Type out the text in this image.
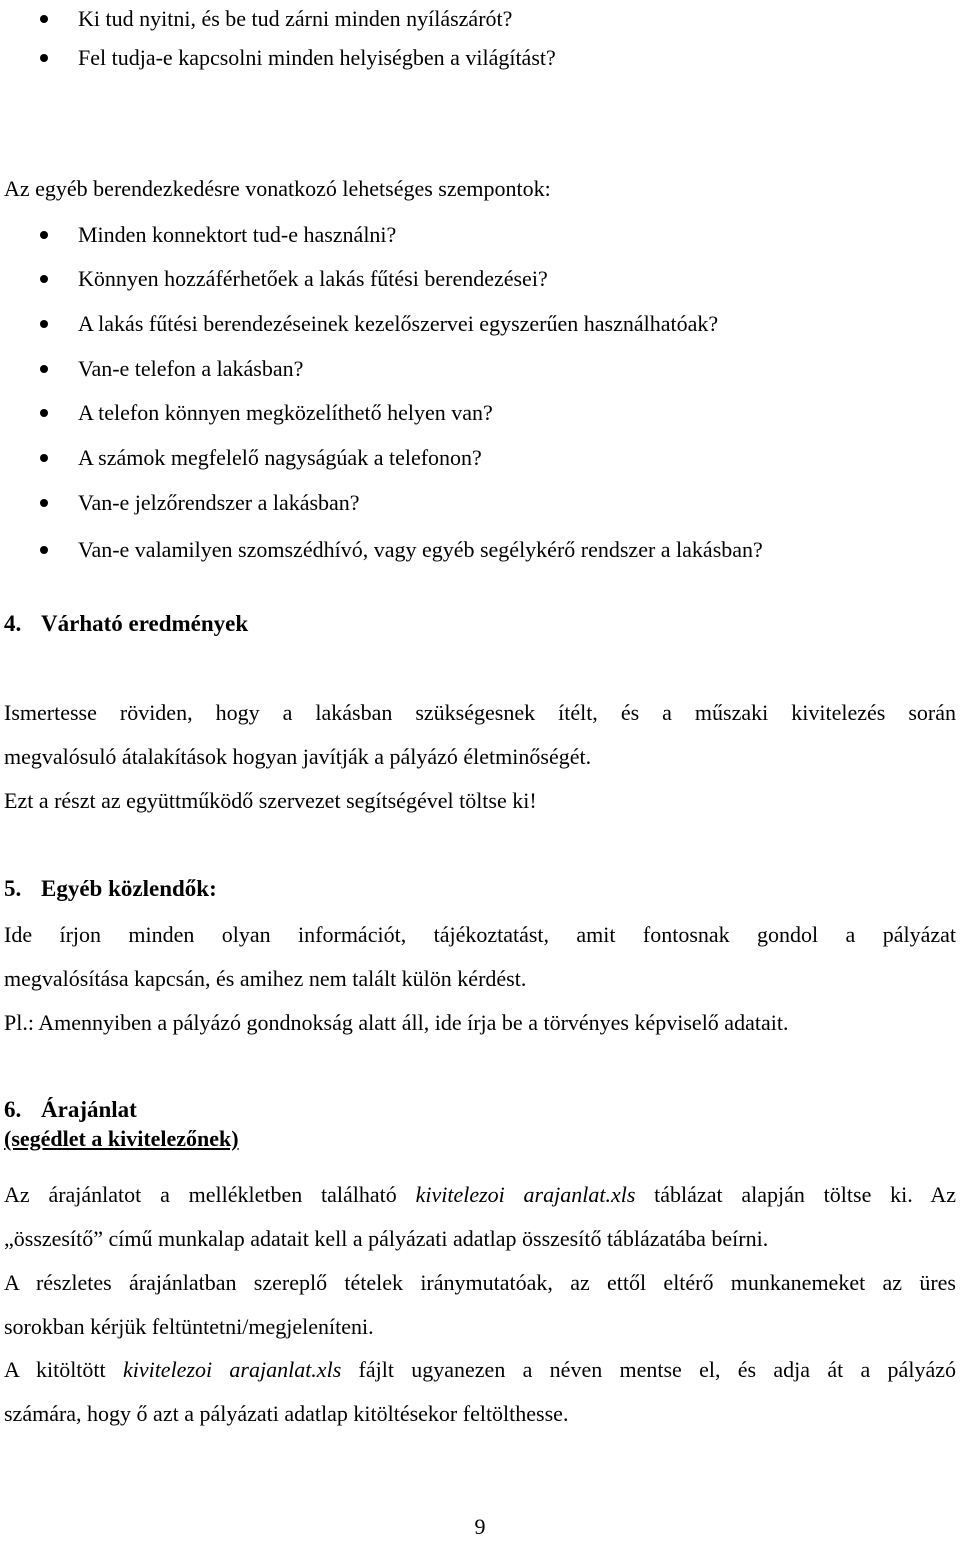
Ki tud nyitni, és be tud zárni minden nyílászárót?
Fel tudja-e kapcsolni minden helyiségben a világítást?
Az egyéb berendezkedésre vonatkozó lehetséges szempontok:
Minden konnektort tud-e használni?
Könnyen hozzáférhetőek a lakás fűtési berendezései?
A lakás fűtési berendezéseinek kezelőszervei egyszerűen használhatóak?
Van-e telefon a lakásban?
A telefon könnyen megközelíthető helyen van?
A számok megfelelő nagyságúak a telefonon?
Van-e jelzőrendszer a lakásban?
Van-e valamilyen szomszédhívó, vagy egyéb segélykérő rendszer a lakásban?
4. Várható eredmények
Ismertesse röviden, hogy a lakásban szükségesnek ítélt, és a műszaki kivitelezés során
megvalósuló átalakítások hogyan javítják a pályázó életminőségét.
Ezt a részt az együttműködő szervezet segítségével töltse ki!
5. Egyéb közlendők:
Ide írjon minden olyan információt, tájékoztatást, amit fontosnak gondol a pályázat
megvalósítása kapcsán, és amihez nem talált külön kérdést.
Pl.: Amennyiben a pályázó gondnokság alatt áll, ide írja be a törvényes képviselő adatait.
6. Árajánlat
(segédlet a kivitelezőnek)
Az árajánlatot a mellékletben található kivitelezoi arajanlat.xls táblázat alapján töltse ki. Az
„összesítő” című munkalap adatait kell a pályázati adatlap összesítő táblázatába beírni.
A részletes árajánlatban szereplő tételek iránymutatóak, az ettől eltérő munkanemeket az üres
sorokban kérjük feltüntetni/megjeleníteni.
A kitöltött kivitelezoi arajanlat.xls fájlt ugyanezen a néven mentse el, és adja át a pályázó
számára, hogy ő azt a pályázati adatlap kitöltésekor feltölthesse.
9
